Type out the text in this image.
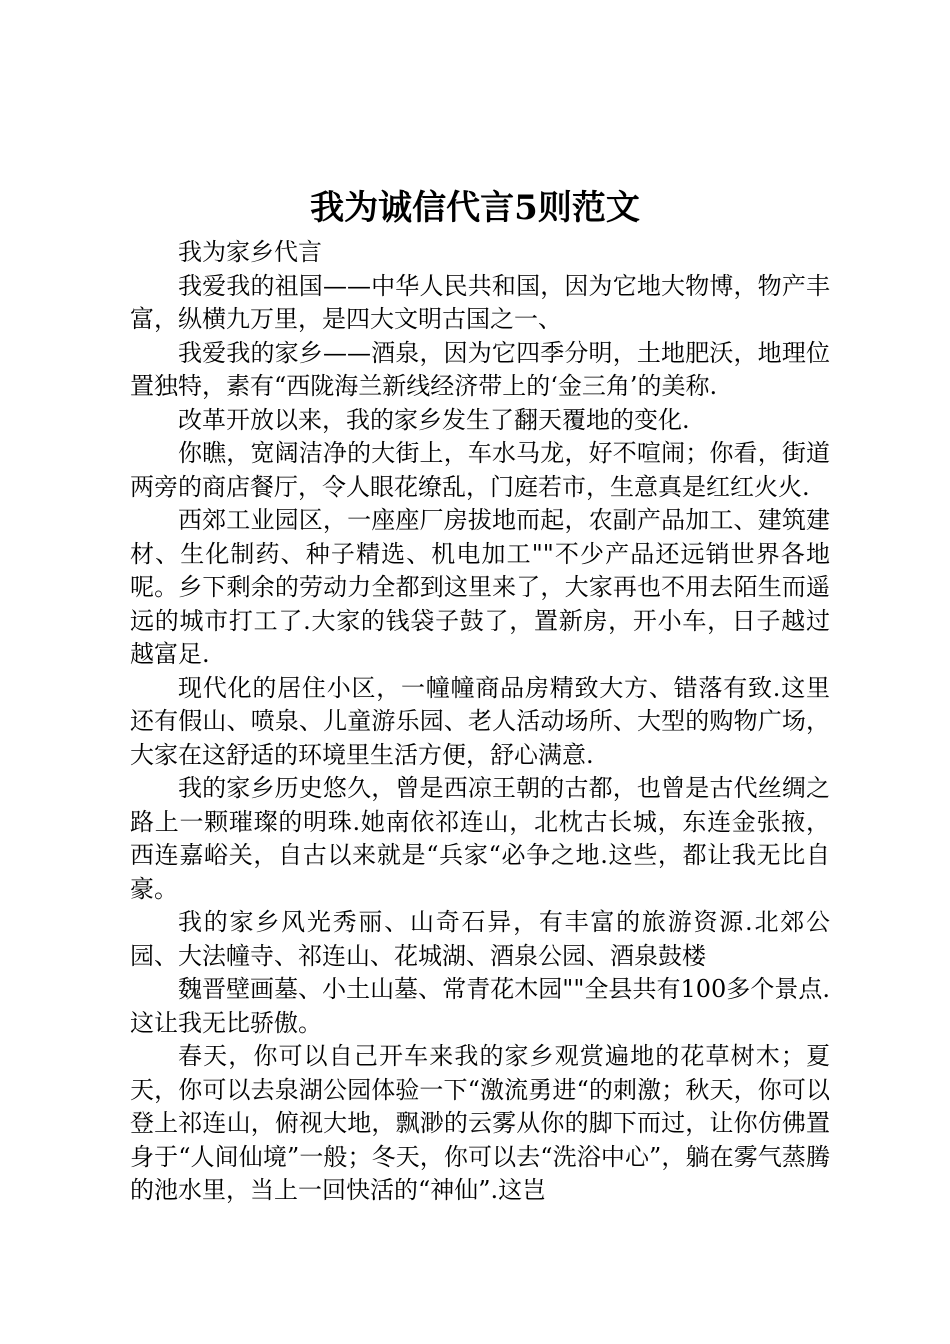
我为诚信代言5则范文

我为家乡代言

我爱我的祖国——中华人民共和国，因为它地大物博，物产丰富，纵横九万里，是四大文明古国之一、

我爱我的家乡——酒泉，因为它四季分明，土地肥沃，地理位置独特，素有“西陇海兰新线经济带上的‘金三角’的美称.

改革开放以来，我的家乡发生了翻天覆地的变化.

你瞧，宽阔洁净的大街上，车水马龙，好不喧闹；你看，街道两旁的商店餐厅，令人眼花缭乱，门庭若市，生意真是红红火火.

西郊工业园区，一座座厂房拔地而起，农副产品加工、建筑建材、生化制药、种子精选、机电加工""不少产品还远销世界各地呢。乡下剩余的劳动力全都到这里来了，大家再也不用去陌生而遥远的城市打工了.大家的钱袋子鼓了，置新房，开小车，日子越过越富足.

现代化的居住小区，一幢幢商品房精致大方、错落有致.这里还有假山、喷泉、儿童游乐园、老人活动场所、大型的购物广场，大家在这舒适的环境里生活方便，舒心满意.

我的家乡历史悠久，曾是西凉王朝的古都，也曾是古代丝绸之路上一颗璀璨的明珠.她南依祁连山，北枕古长城，东连金张掖，西连嘉峪关，自古以来就是“兵家“必争之地.这些，都让我无比自豪。

我的家乡风光秀丽、山奇石异，有丰富的旅游资源.北郊公园、大法幢寺、祁连山、花城湖、酒泉公园、酒泉鼓楼

魏晋壁画墓、小土山墓、常青花木园""全县共有100多个景点.这让我无比骄傲。

春天，你可以自己开车来我的家乡观赏遍地的花草树木；夏天，你可以去泉湖公园体验一下“激流勇进“的刺激；秋天，你可以登上祁连山，俯视大地，飘渺的云雾从你的脚下而过，让你仿佛置身于“人间仙境”一般；冬天，你可以去“洗浴中心”，躺在雾气蒸腾的池水里，当上一回快活的“神仙”.这岂
